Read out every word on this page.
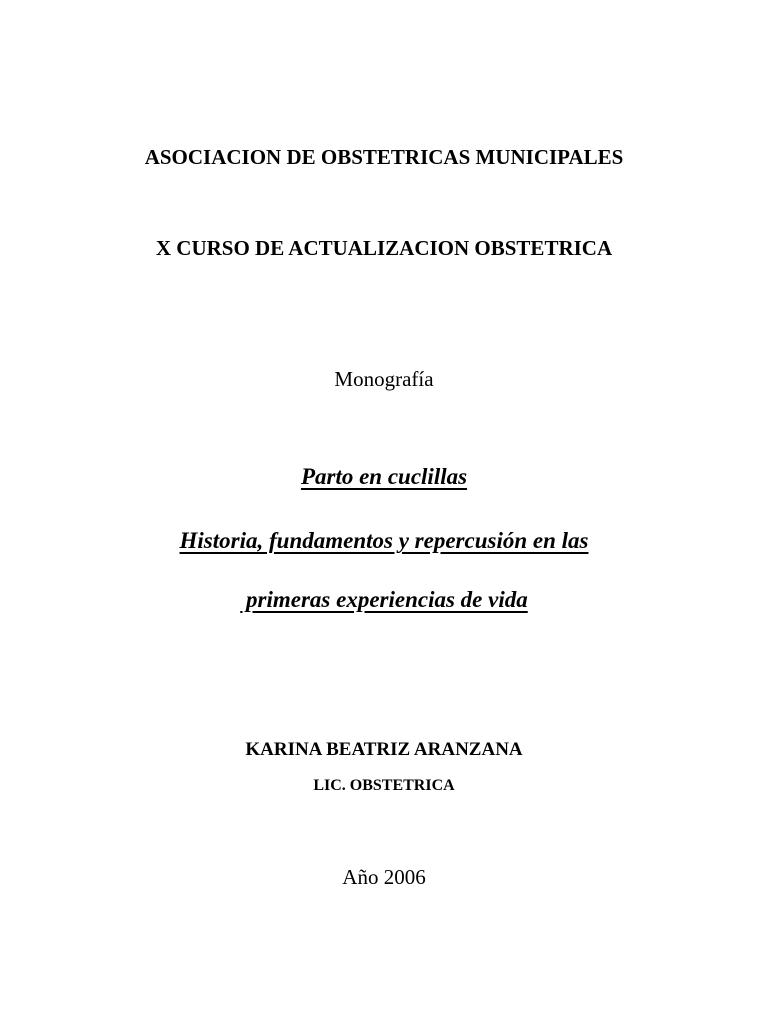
ASOCIACION DE OBSTETRICAS MUNICIPALES
X CURSO DE ACTUALIZACION OBSTETRICA
Monografía
Parto en cuclillas
Historia, fundamentos y repercusión en las
primeras experiencias de vida
KARINA BEATRIZ ARANZANA
LIC. OBSTETRICA
Año 2006
